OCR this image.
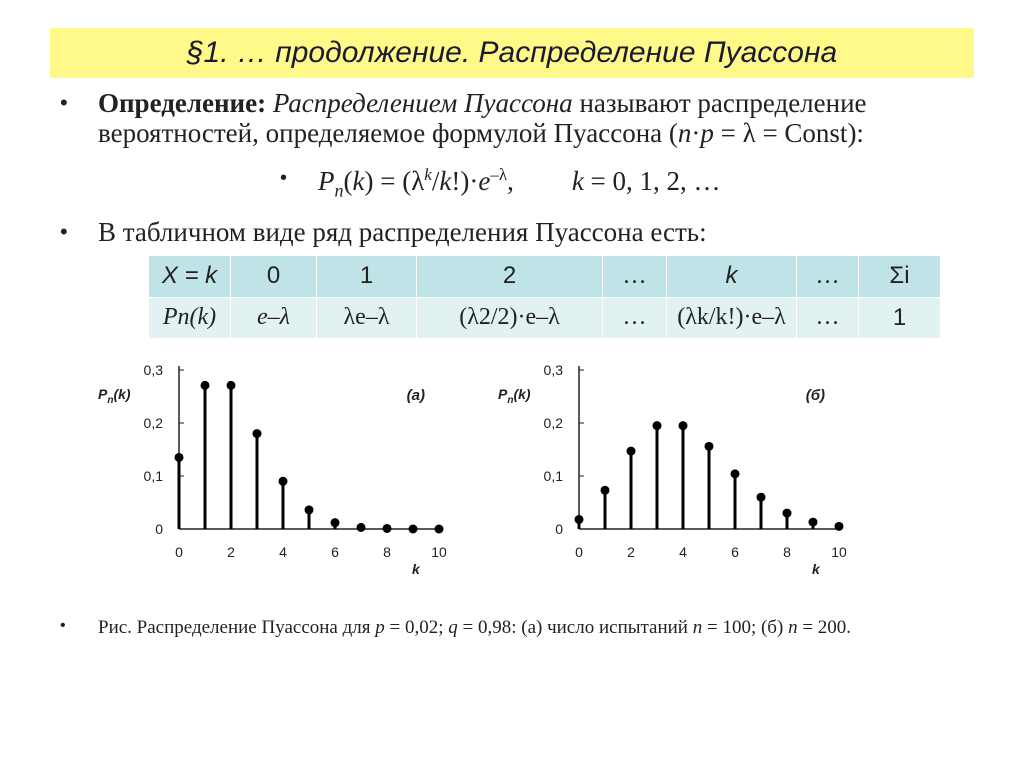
§1. … продолжение. Распределение Пуассона
• Определение: Распределением Пуассона называют распределение вероятностей, определяемое формулой Пуассона (n·p = λ = Const):
• $P_n(k) = (\lambda^k/k!)\cdot e^{-\lambda}$, k = 0, 1, 2, …
• В табличном виде ряд распределения Пуассона есть:
X = k	0	1	2	…	k	…	Σi
Pn(k)	e–λ	λe–λ	(λ2/2)·e–λ	…	(λk/k!)·e–λ	…	1
0
0,1
0,2
0,3
0	2	4	6	8	10
$P_n(k)$
k
(а)
0
0,1
0,2
0,3
0	2	4	6	8	10
$P_n(k)$
k
(б)
• Рис. Распределение Пуассона для p = 0,02; q = 0,98: (а) число испытаний n = 100; (б) n = 200.
